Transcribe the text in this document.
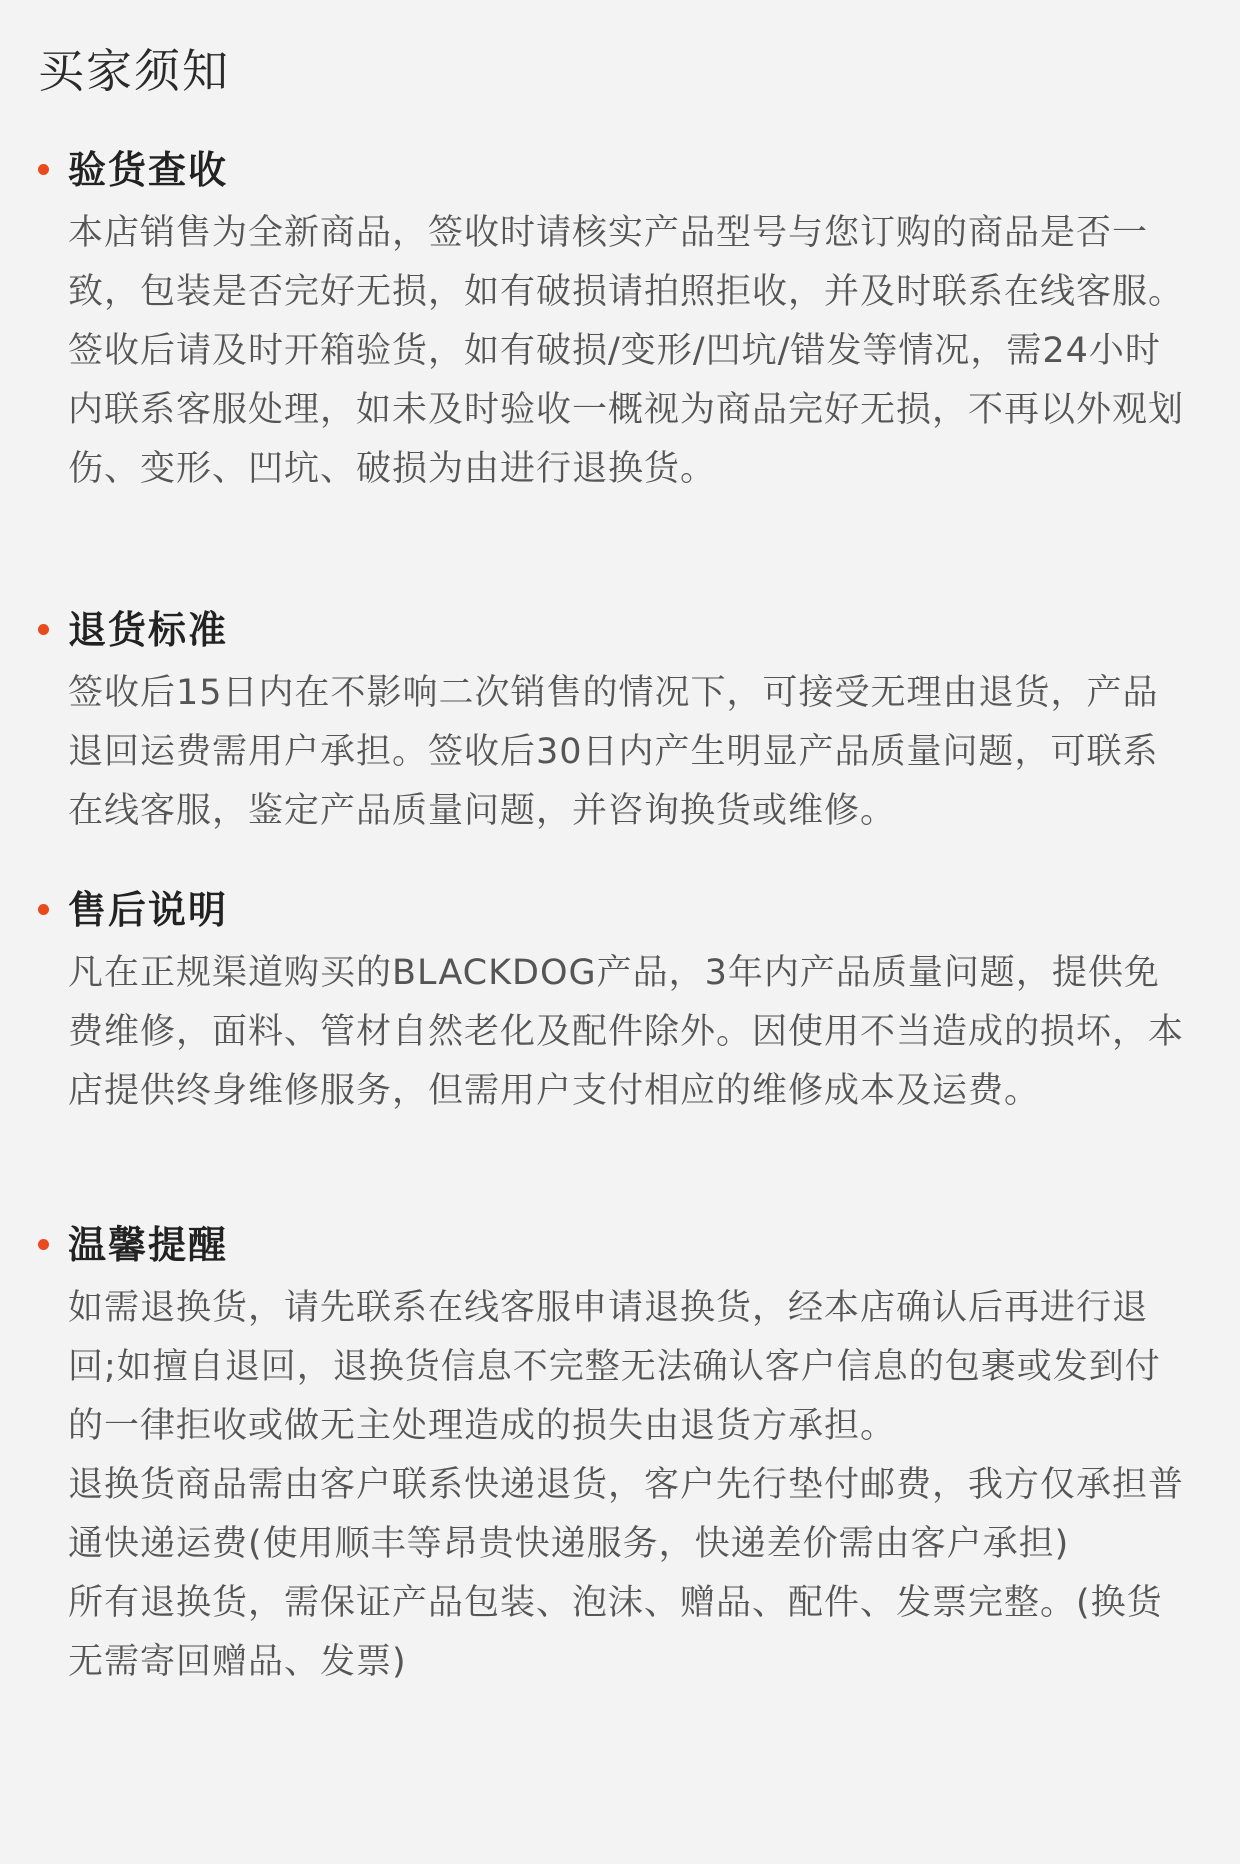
买家须知
验货查收

本店销售为全新商品，签收时请核实产品型号与您订购的商品是否一致，包装是否完好无损，如有破损请拍照拒收，并及时联系在线客服。

签收后请及时开箱验货，如有破损/变形/凹坑/错发等情况，需24小时内联系客服处理，如未及时验收一概视为商品完好无损，不再以外观划伤、变形、凹坑、破损为由进行退换货。

退货标准

签收后15日内在不影响二次销售的情况下，可接受无理由退货，产品退回运费需用户承担。签收后30日内产生明显产品质量问题，可联系在线客服，鉴定产品质量问题，并咨询换货或维修。

售后说明

凡在正规渠道购买的BLACKDOG产品，3年内产品质量问题，提供免费维修，面料、管材自然老化及配件除外。因使用不当造成的损坏，本店提供终身维修服务，但需用户支付相应的维修成本及运费。

温馨提醒

如需退换货，请先联系在线客服申请退换货，经本店确认后再进行退回;如擅自退回，退换货信息不完整无法确认客户信息的包裹或发到付的一律拒收或做无主处理造成的损失由退货方承担。

退换货商品需由客户联系快递退货，客户先行垫付邮费，我方仅承担普通快递运费(使用顺丰等昂贵快递服务，快递差价需由客户承担)

所有退换货，需保证产品包装、泡沫、赠品、配件、发票完整。(换货无需寄回赠品、发票)
